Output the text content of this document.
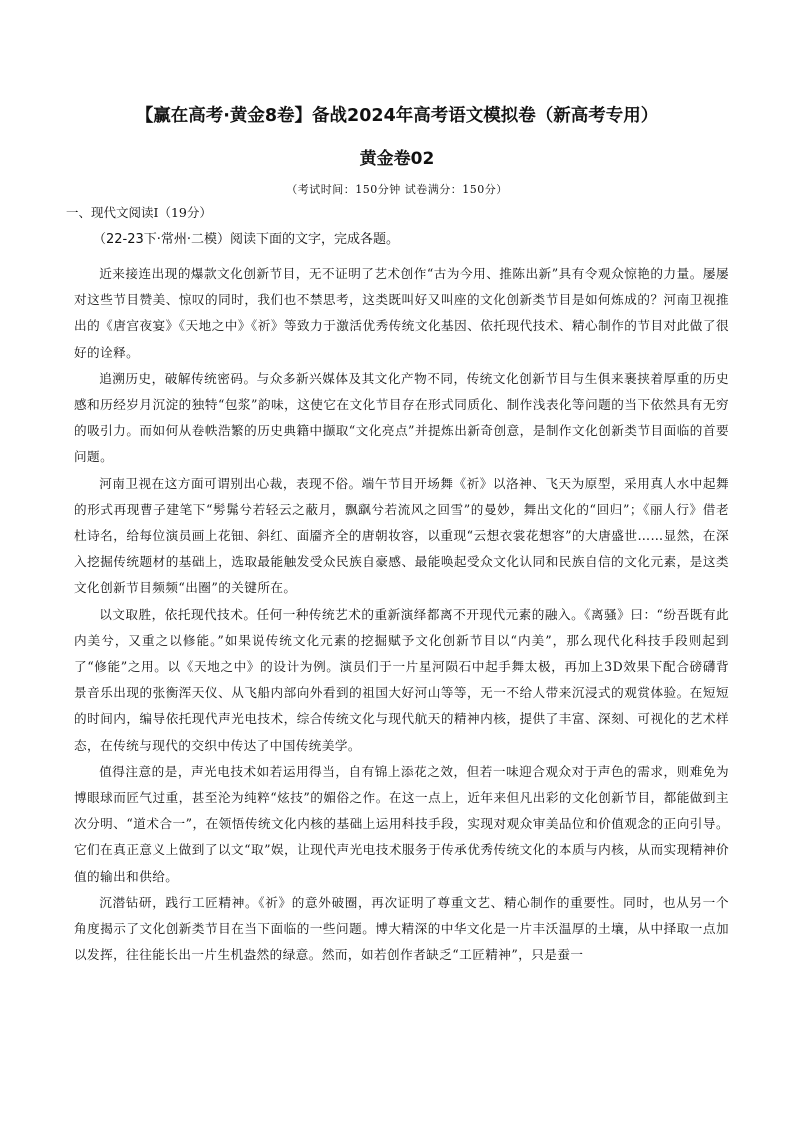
【赢在高考·黄金8卷】备战2024年高考语文模拟卷（新高考专用）
黄金卷02
（考试时间：150分钟 试卷满分：150分）
一、现代文阅读Ⅰ（19分）
（22-23下·常州·二模）阅读下面的文字，完成各题。

近来接连出现的爆款文化创新节目，无不证明了艺术创作“古为今用、推陈出新”具有令观众惊艳的力量。屡屡对这些节目赞美、惊叹的同时，我们也不禁思考，这类既叫好又叫座的文化创新类节目是如何炼成的？河南卫视推出的《唐宫夜宴》《天地之中》《祈》等致力于激活优秀传统文化基因、依托现代技术、精心制作的节目对此做了很好的诠释。

追溯历史，破解传统密码。与众多新兴媒体及其文化产物不同，传统文化创新节目与生俱来裹挟着厚重的历史感和历经岁月沉淀的独特“包浆”韵味，这使它在文化节目存在形式同质化、制作浅表化等问题的当下依然具有无穷的吸引力。而如何从卷帙浩繁的历史典籍中撷取“文化亮点”并提炼出新奇创意，是制作文化创新类节目面临的首要问题。

河南卫视在这方面可谓别出心裁，表现不俗。端午节目开场舞《祈》以洛神、飞天为原型，采用真人水中起舞的形式再现曹子建笔下“髣髴兮若轻云之蔽月，飘飖兮若流风之回雪”的曼妙，舞出文化的“回归”；《丽人行》借老杜诗名，给每位演员画上花钿、斜红、面靥齐全的唐朝妆容，以重现“云想衣裳花想容”的大唐盛世……显然，在深入挖掘传统题材的基础上，选取最能触发受众民族自豪感、最能唤起受众文化认同和民族自信的文化元素，是这类文化创新节目频频“出圈”的关键所在。

以文取胜，依托现代技术。任何一种传统艺术的重新演绎都离不开现代元素的融入。《离骚》曰：“纷吾既有此内美兮，又重之以修能。”如果说传统文化元素的挖掘赋予文化创新节目以“内美”，那么现代化科技手段则起到了“修能”之用。以《天地之中》的设计为例。演员们于一片星河陨石中起手舞太极，再加上3D效果下配合磅礴背景音乐出现的张衡浑天仪、从飞船内部向外看到的祖国大好河山等等，无一不给人带来沉浸式的观赏体验。在短短的时间内，编导依托现代声光电技术，综合传统文化与现代航天的精神内核，提供了丰富、深刻、可视化的艺术样态，在传统与现代的交织中传达了中国传统美学。

值得注意的是，声光电技术如若运用得当，自有锦上添花之效，但若一味迎合观众对于声色的需求，则难免为博眼球而匠气过重，甚至沦为纯粹“炫技”的媚俗之作。在这一点上，近年来但凡出彩的文化创新节目，都能做到主次分明、“道术合一”，在领悟传统文化内核的基础上运用科技手段，实现对观众审美品位和价值观念的正向引导。它们在真正意义上做到了以文“取”娱，让现代声光电技术服务于传承优秀传统文化的本质与内核，从而实现精神价值的输出和供给。

沉潜钻研，践行工匠精神。《祈》的意外破圈，再次证明了尊重文艺、精心制作的重要性。同时，也从另一个角度揭示了文化创新类节目在当下面临的一些问题。博大精深的中华文化是一片丰沃温厚的土壤，从中择取一点加以发挥，往往能长出一片生机盎然的绿意。然而，如若创作者缺乏“工匠精神”，只是蚕一
